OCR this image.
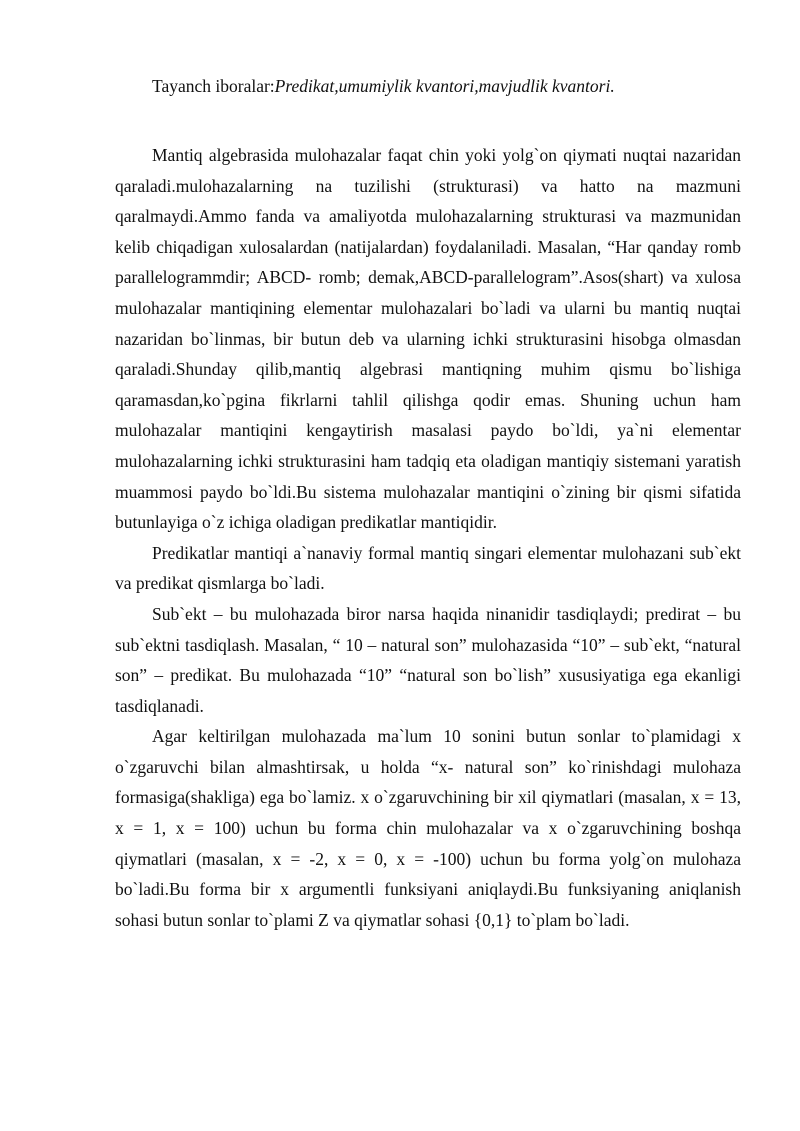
Tayanch iboralar:Predikat,umumiylik kvantori,mavjudlik kvantori.

Mantiq algebrasida mulohazalar faqat chin yoki yolg`on qiymati nuqtai nazaridan qaraladi.mulohazalarning na tuzilishi (strukturasi) va hatto na mazmuni qaralmaydi.Ammo fanda va amaliyotda mulohazalarning strukturasi va mazmunidan kelib chiqadigan xulosalardan (natijalardan) foydalaniladi. Masalan, “Har qanday romb parallelogrammdir; ABCD- romb; demak,ABCD-parallelogram”.Asos(shart) va xulosa mulohazalar mantiqining elementar mulohazalari bo`ladi va ularni bu mantiq nuqtai nazaridan bo`linmas, bir butun deb va ularning ichki strukturasini hisobga olmasdan qaraladi.Shunday qilib,mantiq algebrasi mantiqning muhim qismu bo`lishiga qaramasdan,ko`pgina fikrlarni tahlil qilishga qodir emas. Shuning uchun ham mulohazalar mantiqini kengaytirish masalasi paydo bo`ldi, ya`ni elementar mulohazalarning ichki strukturasini ham tadqiq eta oladigan mantiqiy sistemani yaratish muammosi paydo bo`ldi.Bu sistema mulohazalar mantiqini o`zining bir qismi sifatida butunlayiga o`z ichiga oladigan predikatlar mantiqidir.

Predikatlar mantiqi a`nanaviy formal mantiq singari elementar mulohazani sub`ekt va predikat qismlarga bo`ladi.

Sub`ekt – bu mulohazada biror narsa haqida ninanidir tasdiqlaydi; predirat – bu sub`ektni tasdiqlash. Masalan, “ 10 – natural son” mulohazasida “10” – sub`ekt, “natural son” – predikat. Bu mulohazada “10” “natural son bo`lish” xususiyatiga ega ekanligi tasdiqlanadi.

Agar keltirilgan mulohazada ma`lum 10 sonini butun sonlar to`plamidagi x o`zgaruvchi bilan almashtirsak, u holda “x- natural son” ko`rinishdagi mulohaza formasiga(shakliga) ega bo`lamiz. x o`zgaruvchining bir xil qiymatlari (masalan, x = 13, x = 1, x = 100) uchun bu forma chin mulohazalar va x o`zgaruvchining boshqa qiymatlari (masalan, x = -2, x = 0, x = -100) uchun bu forma yolg`on mulohaza bo`ladi.Bu forma bir x argumentli funksiyani aniqlaydi.Bu funksiyaning aniqlanish sohasi butun sonlar to`plami Z va qiymatlar sohasi {0,1} to`plam bo`ladi.
